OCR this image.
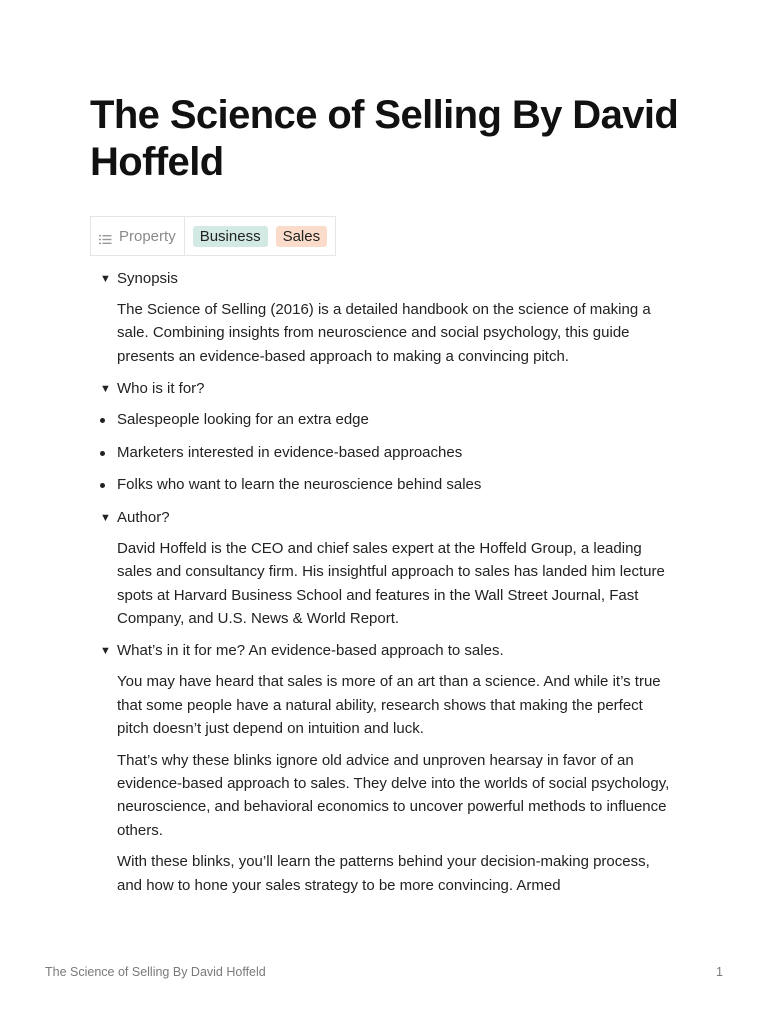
The Science of Selling By David Hoffeld
Property	Business	Sales
▼ Synopsis

The Science of Selling (2016) is a detailed handbook on the science of making a sale. Combining insights from neuroscience and social psychology, this guide presents an evidence-based approach to making a convincing pitch.

▼ Who is it for?
Salespeople looking for an extra edge
Marketers interested in evidence-based approaches
Folks who want to learn the neuroscience behind sales
▼ Author?

David Hoffeld is the CEO and chief sales expert at the Hoffeld Group, a leading sales and consultancy firm. His insightful approach to sales has landed him lecture spots at Harvard Business School and features in the Wall Street Journal, Fast Company, and U.S. News & World Report.

▼ What’s in it for me? An evidence-based approach to sales.

You may have heard that sales is more of an art than a science. And while it’s true that some people have a natural ability, research shows that making the perfect pitch doesn’t just depend on intuition and luck.

That’s why these blinks ignore old advice and unproven hearsay in favor of an evidence-based approach to sales. They delve into the worlds of social psychology, neuroscience, and behavioral economics to uncover powerful methods to influence others.

With these blinks, you’ll learn the patterns behind your decision-making process, and how to hone your sales strategy to be more convincing. Armed

The Science of Selling By David Hoffeld	1
